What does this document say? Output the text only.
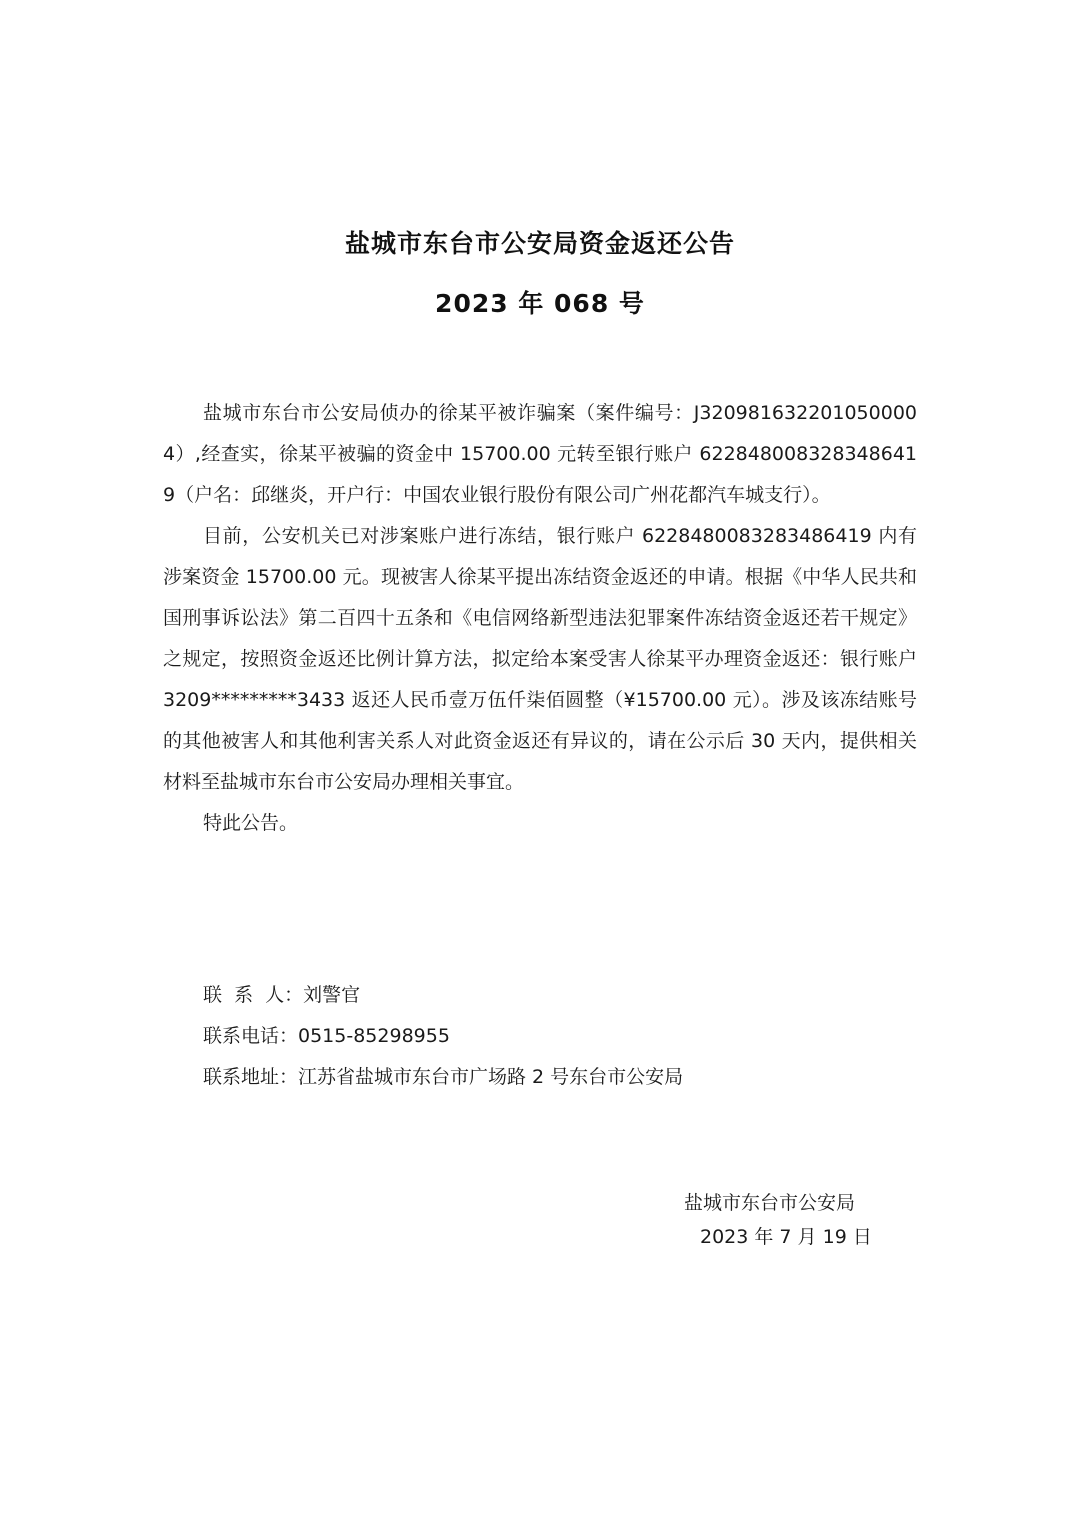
盐城市东台市公安局资金返还公告
2023 年 068 号

盐城市东台市公安局侦办的徐某平被诈骗案（案件编号：J3209816322010500004）,经查实，徐某平被骗的资金中 15700.00 元转至银行账户 6228480083283486419（户名：邱继炎，开户行：中国农业银行股份有限公司广州花都汽车城支行）。

目前，公安机关已对涉案账户进行冻结，银行账户 6228480083283486419 内有涉案资金 15700.00 元。现被害人徐某平提出冻结资金返还的申请。根据《中华人民共和国刑事诉讼法》第二百四十五条和《电信网络新型违法犯罪案件冻结资金返还若干规定》之规定，按照资金返还比例计算方法，拟定给本案受害人徐某平办理资金返还：银行账户 3209*********3433 返还人民币壹万伍仟柒佰圆整（¥15700.00 元）。涉及该冻结账号的其他被害人和其他利害关系人对此资金返还有异议的，请在公示后 30 天内，提供相关材料至盐城市东台市公安局办理相关事宜。

特此公告。

联  系  人：刘警官
联系电话：0515-85298955
联系地址：江苏省盐城市东台市广场路 2 号东台市公安局
盐城市东台市公安局
2023 年 7 月 19 日
